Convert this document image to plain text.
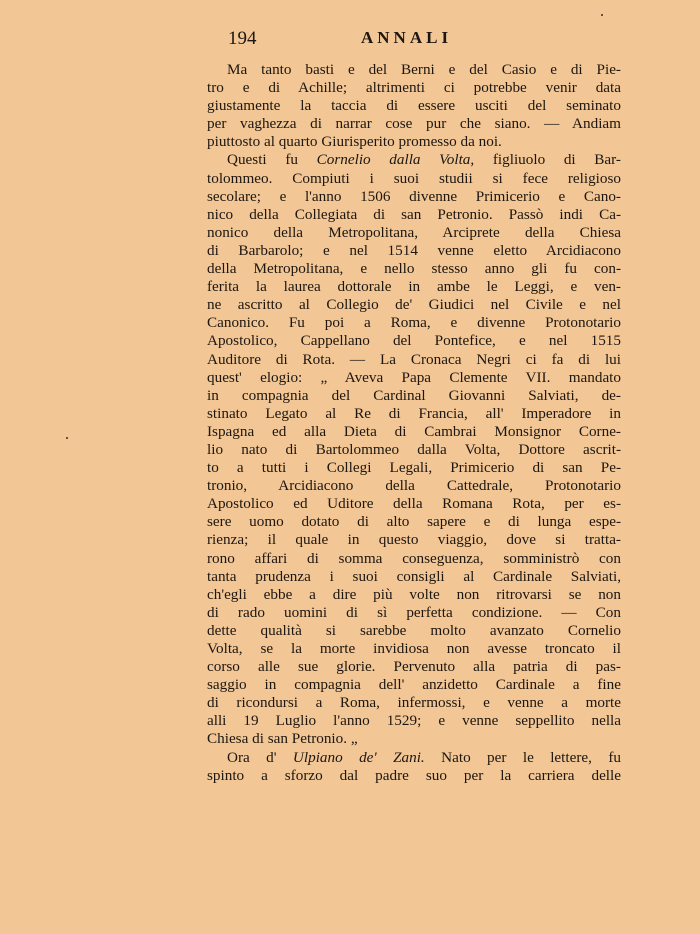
194	ANNALI
Ma tanto basti e del Berni e del Casio e di Pie-
tro e di Achille; altrimenti ci potrebbe venir data
giustamente la taccia di essere usciti del seminato
per vaghezza di narrar cose pur che siano. — Andiam
piuttosto al quarto Giurisperito promesso da noi.
Questi fu Cornelio dalla Volta, figliuolo di Bar-
tolommeo. Compiuti i suoi studii si fece religioso
secolare; e l'anno 1506 divenne Primicerio e Cano-
nico della Collegiata di san Petronio. Passò indi Ca-
nonico della Metropolitana, Arciprete della Chiesa
di Barbarolo; e nel 1514 venne eletto Arcidiacono
della Metropolitana, e nello stesso anno gli fu con-
ferita la laurea dottorale in ambe le Leggi, e ven-
ne ascritto al Collegio de' Giudici nel Civile e nel
Canonico. Fu poi a Roma, e divenne Protonotario
Apostolico, Cappellano del Pontefice, e nel 1515
Auditore di Rota. — La Cronaca Negri ci fa di lui
quest' elogio: „ Aveva Papa Clemente VII. mandato
in compagnia del Cardinal Giovanni Salviati, de-
stinato Legato al Re di Francia, all' Imperadore in
Ispagna ed alla Dieta di Cambrai Monsignor Corne-
lio nato di Bartolommeo dalla Volta, Dottore ascrit-
to a tutti i Collegi Legali, Primicerio di san Pe-
tronio, Arcidiacono della Cattedrale, Protonotario
Apostolico ed Uditore della Romana Rota, per es-
sere uomo dotato di alto sapere e di lunga espe-
rienza; il quale in questo viaggio, dove si tratta-
rono affari di somma conseguenza, somministrò con
tanta prudenza i suoi consigli al Cardinale Salviati,
ch'egli ebbe a dire più volte non ritrovarsi se non
di rado uomini di sì perfetta condizione. — Con
dette qualità si sarebbe molto avanzato Cornelio
Volta, se la morte invidiosa non avesse troncato il
corso alle sue glorie. Pervenuto alla patria di pas-
saggio in compagnia dell' anzidetto Cardinale a fine
di ricondursi a Roma, infermossi, e venne a morte
alli 19 Luglio l'anno 1529; e venne seppellito nella
Chiesa di san Petronio. „
Ora d' Ulpiano de' Zani. Nato per le lettere, fu
spinto a sforzo dal padre suo per la carriera delle
